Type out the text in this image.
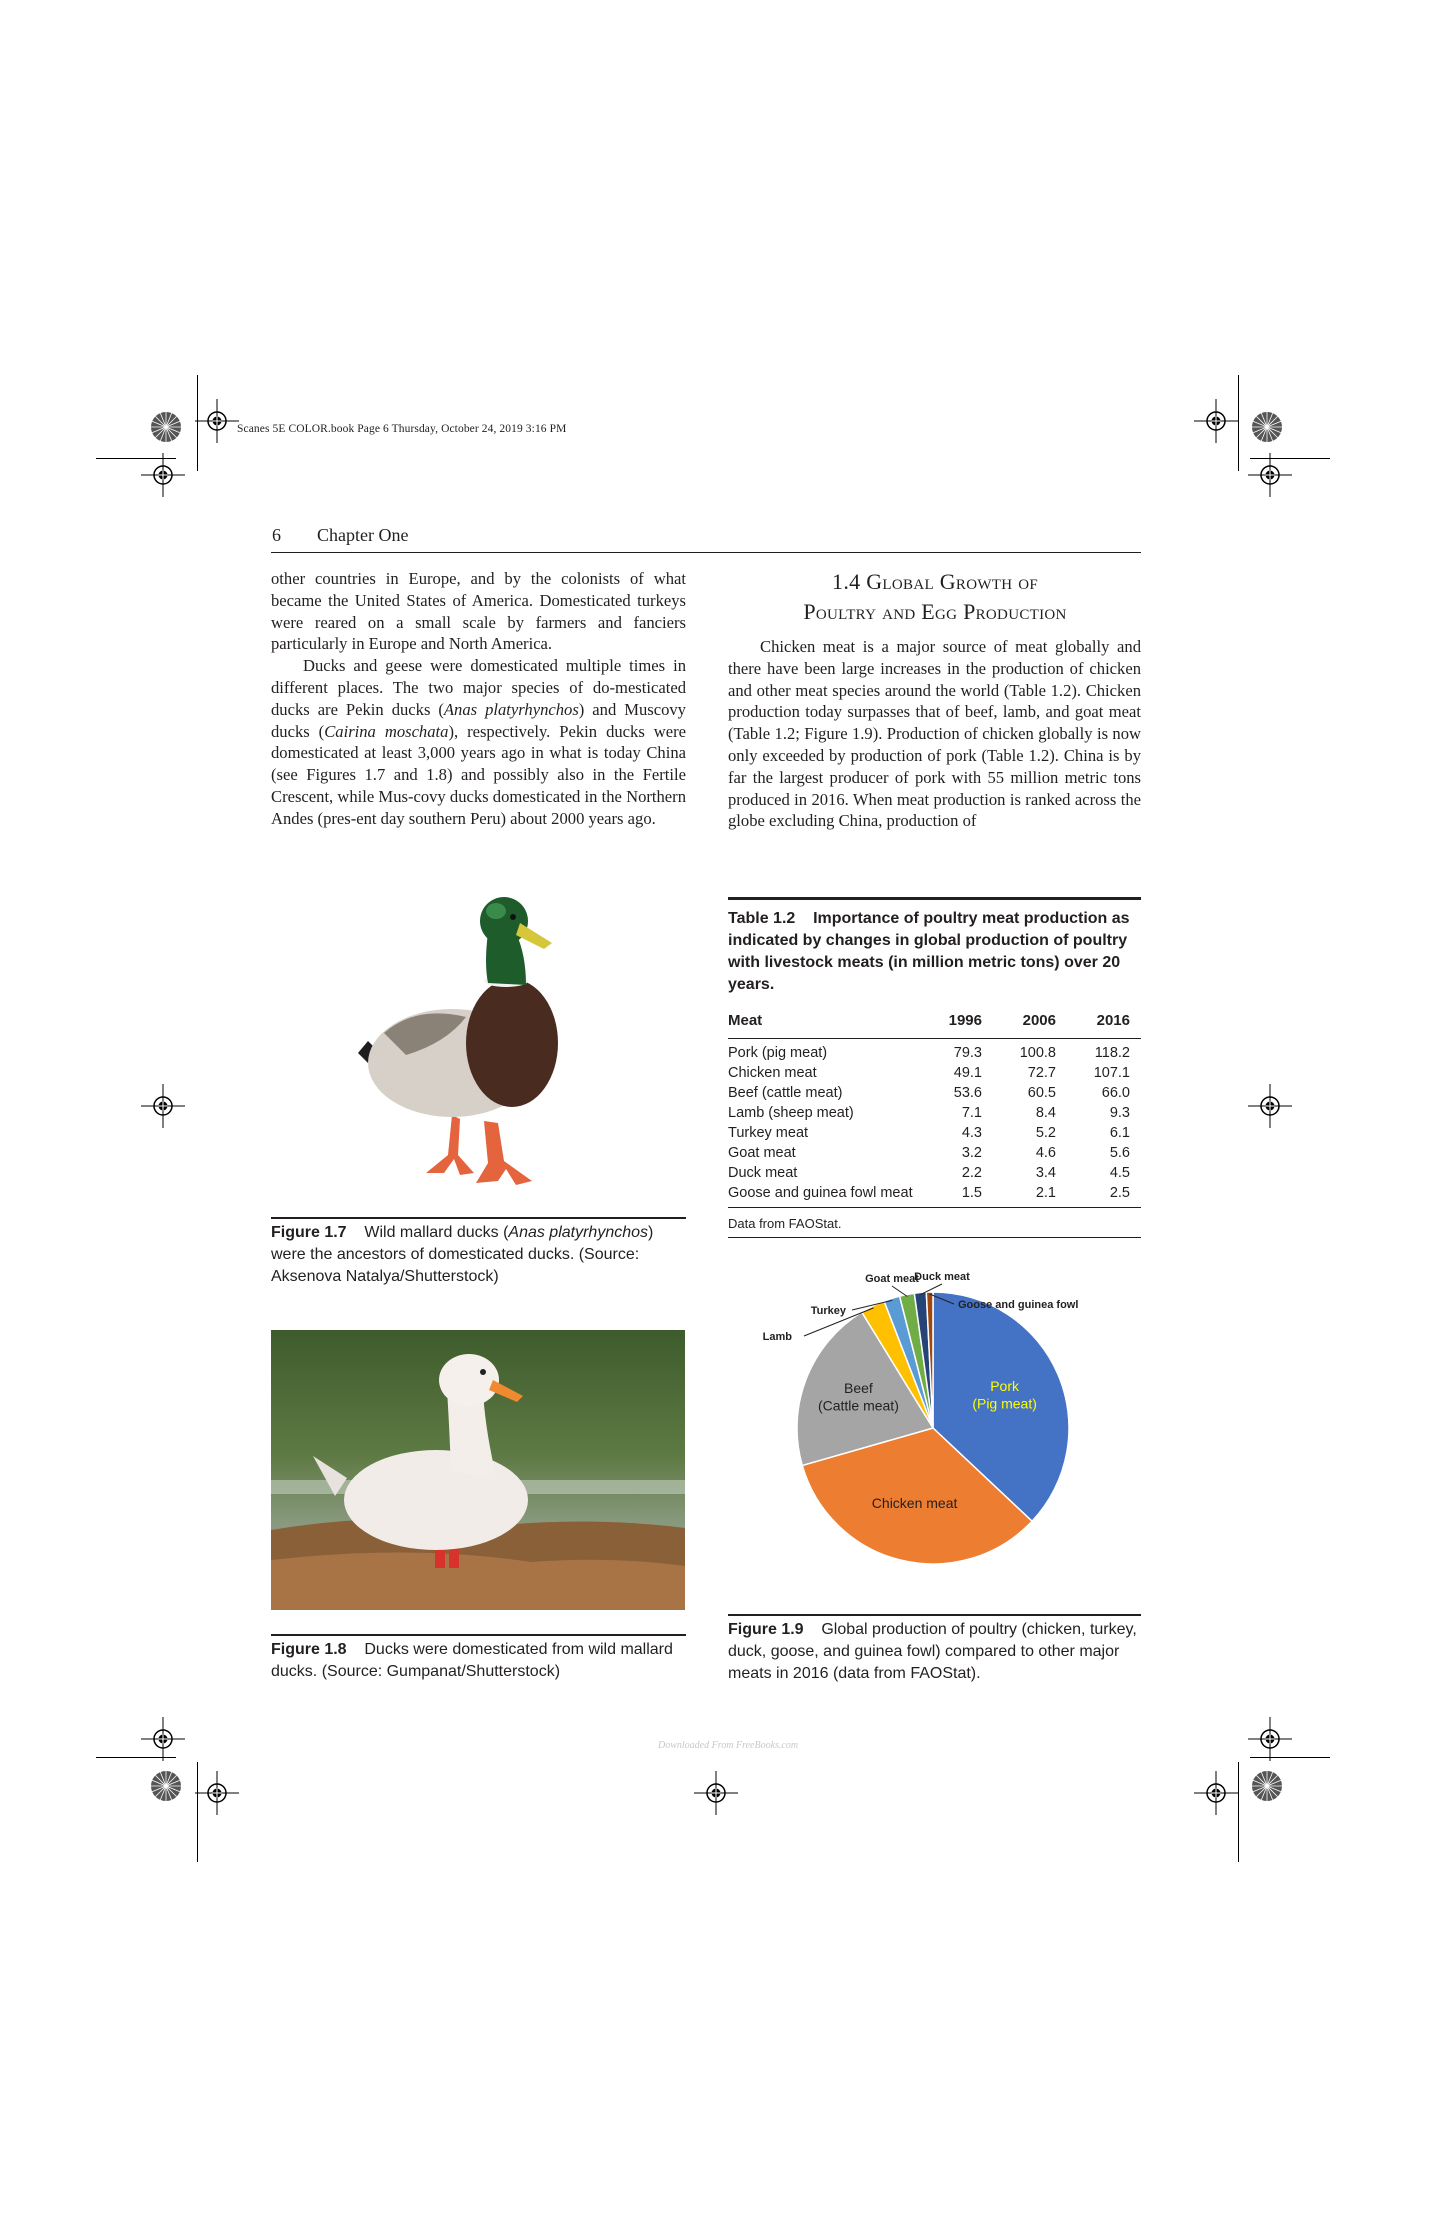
Scanes 5E COLOR.book Page 6 Thursday, October 24, 2019 3:16 PM
6 Chapter One

other countries in Europe, and by the colonists of what became the United States of America. Domesticated turkeys were reared on a small scale by farmers and fanciers particularly in Europe and North America.

Ducks and geese were domesticated multiple times in different places. The two major species of do-mesticated ducks are Pekin ducks (Anas platyrhynchos) and Muscovy ducks (Cairina moschata), respectively. Pekin ducks were domesticated at least 3,000 years ago in what is today China (see Figures 1.7 and 1.8) and possibly also in the Fertile Crescent, while Mus-covy ducks domesticated in the Northern Andes (pres-ent day southern Peru) about 2000 years ago.

1.4 Global Growth of
Poultry and Egg Production

Chicken meat is a major source of meat globally and there have been large increases in the production of chicken and other meat species around the world (Table 1.2). Chicken production today surpasses that of beef, lamb, and goat meat (Table 1.2; Figure 1.9). Production of chicken globally is now only exceeded by production of pork (Table 1.2). China is by far the largest producer of pork with 55 million metric tons produced in 2016. When meat production is ranked across the globe excluding China, production of

Table 1.2 Importance of poultry meat production as indicated by changes in global production of poultry with livestock meats (in million metric tons) over 20 years.
Meat	1996	2006	2016
Pork (pig meat)	79.3	100.8	118.2
Chicken meat	49.1	72.7	107.1
Beef (cattle meat)	53.6	60.5	66.0
Lamb (sheep meat)	7.1	8.4	9.3
Turkey meat	4.3	5.2	6.1
Goat meat	3.2	4.6	5.6
Duck meat	2.2	3.4	4.5
Goose and guinea fowl meat	1.5	2.1	2.5
Data from FAOStat.
Figure 1.7 Wild mallard ducks (Anas platyrhynchos) were the ancestors of domesticated ducks. (Source: Aksenova Natalya/Shutterstock)
Figure 1.8 Ducks were domesticated from wild mallard ducks. (Source: Gumpanat/Shutterstock)
Pork (Pig meat)
Chicken meat
Beef (Cattle meat)
Lamb
Turkey
Goat meat
Duck meat
Goose and guinea fowl
Figure 1.9 Global production of poultry (chicken, turkey, duck, goose, and guinea fowl) compared to other major meats in 2016 (data from FAOStat).
Downloaded From FreeBooks.com
